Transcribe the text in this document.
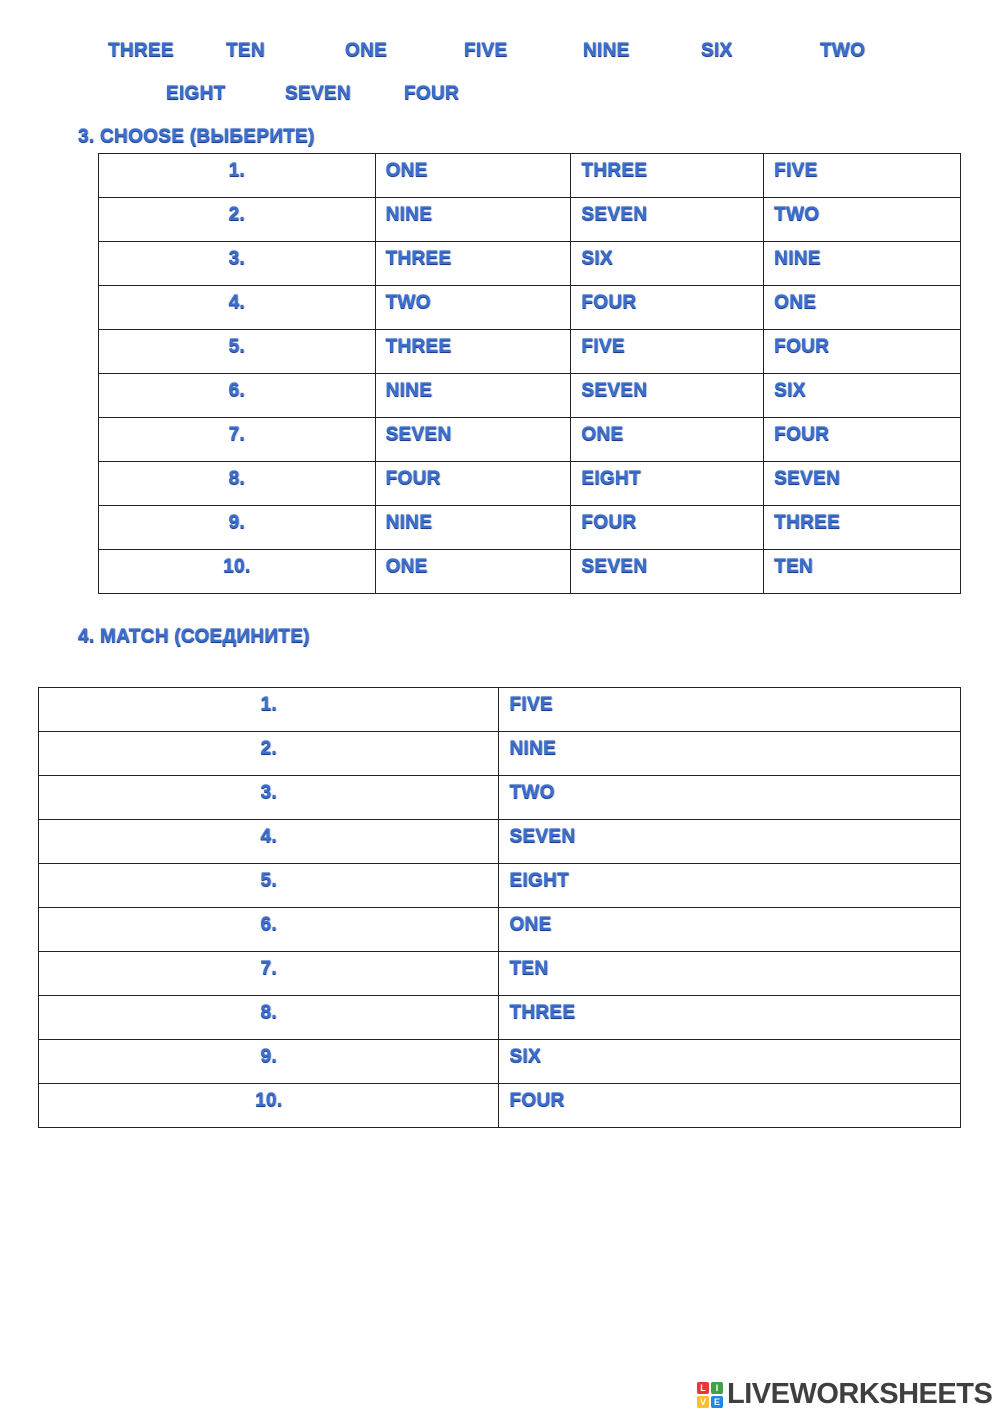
THREE	TEN	ONE	FIVE	NINE	SIX	TWO
EIGHT	SEVEN	FOUR
3. CHOOSE (ВЫБЕРИТЕ)
1.	ONE	THREE	FIVE

2.	NINE	SEVEN	TWO

3.	THREE	SIX	NINE

4.	TWO	FOUR	ONE

5.	THREE	FIVE	FOUR

6.	NINE	SEVEN	SIX

7.	SEVEN	ONE	FOUR

8.	FOUR	EIGHT	SEVEN

9.	NINE	FOUR	THREE

10.	ONE	SEVEN	TEN
4. MATCH (СОЕДИНИТЕ)
1.	FIVE

2.	NINE

3.	TWO

4.	SEVEN

5.	EIGHT

6.	ONE

7.	TEN

8.	THREE

9.	SIX

10.	FOUR
L	I
V E LIVEWORKSHEETS
